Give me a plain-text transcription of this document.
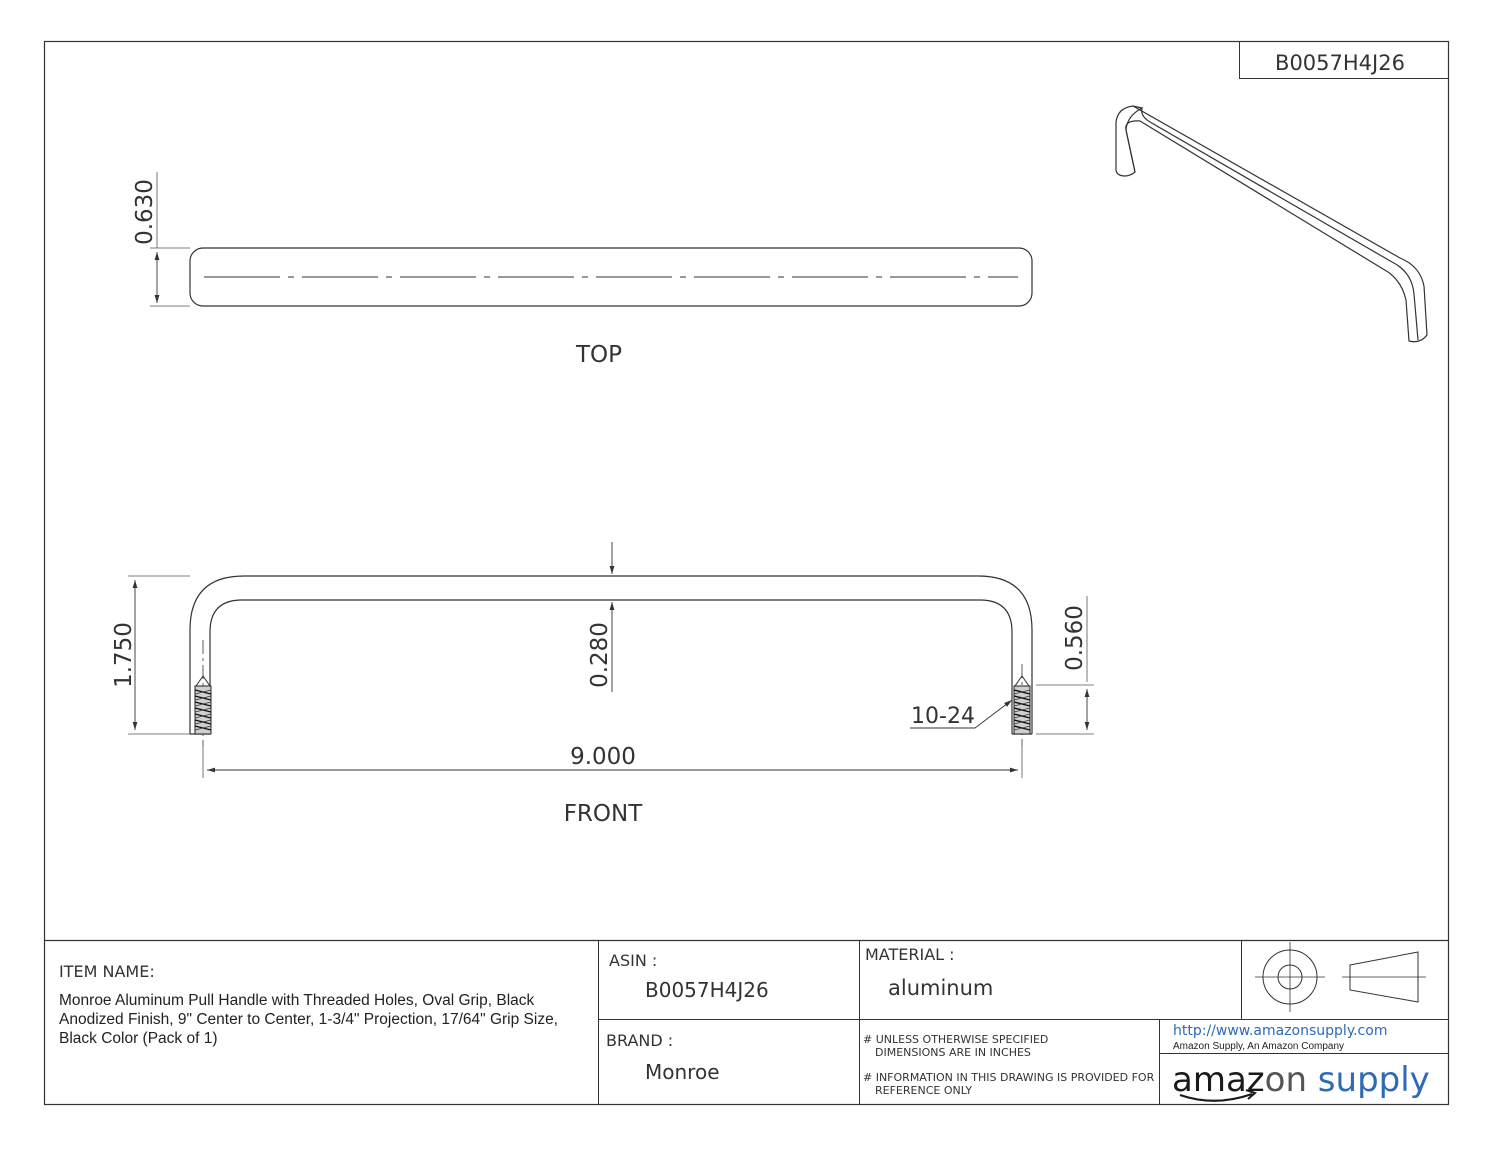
B0057H4J26
0.630
TOP
1.750	0.280	0.560
10-24
9.000
FRONT
ITEM NAME:
Monroe Aluminum Pull Handle with Threaded Holes, Oval Grip, Black
Anodized Finish, 9" Center to Center, 1-3/4" Projection, 17/64" Grip Size,
Black Color (Pack of 1)
ASIN :
B0057H4J26
BRAND :
Monroe
MATERIAL :
aluminum
# UNLESS OTHERWISE SPECIFIED
DIMENSIONS ARE IN INCHES
# INFORMATION IN THIS DRAWING IS PROVIDED FOR
REFERENCE ONLY
http://www.amazonsupply.com
Amazon Supply, An Amazon Company
amazon supply
